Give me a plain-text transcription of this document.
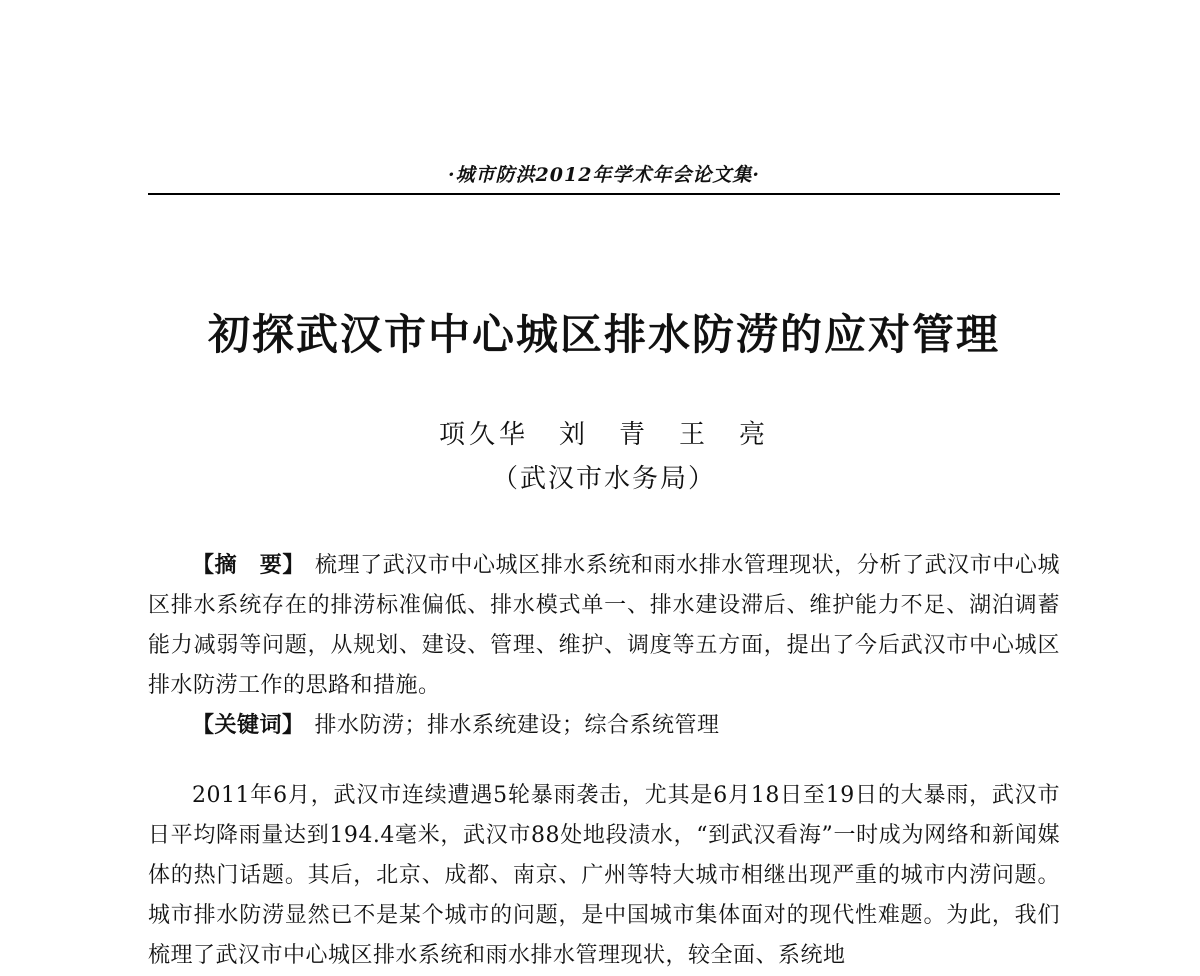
·城市防洪2012年学术年会论文集·
初探武汉市中心城区排水防涝的应对管理
项久华　刘　青　王　亮
（武汉市水务局）
【摘　要】 梳理了武汉市中心城区排水系统和雨水排水管理现状，分析了武汉市中心城区排水系统存在的排涝标准偏低、排水模式单一、排水建设滞后、维护能力不足、湖泊调蓄能力减弱等问题，从规划、建设、管理、维护、调度等五方面，提出了今后武汉市中心城区排水防涝工作的思路和措施。
【关键词】 排水防涝；排水系统建设；综合系统管理

2011年6月，武汉市连续遭遇5轮暴雨袭击，尤其是6月18日至19日的大暴雨，武汉市日平均降雨量达到194.4毫米，武汉市88处地段渍水，“到武汉看海”一时成为网络和新闻媒体的热门话题。其后，北京、成都、南京、广州等特大城市相继出现严重的城市内涝问题。城市排水防涝显然已不是某个城市的问题，是中国城市集体面对的现代性难题。为此，我们梳理了武汉市中心城区排水系统和雨水排水管理现状，较全面、系统地
